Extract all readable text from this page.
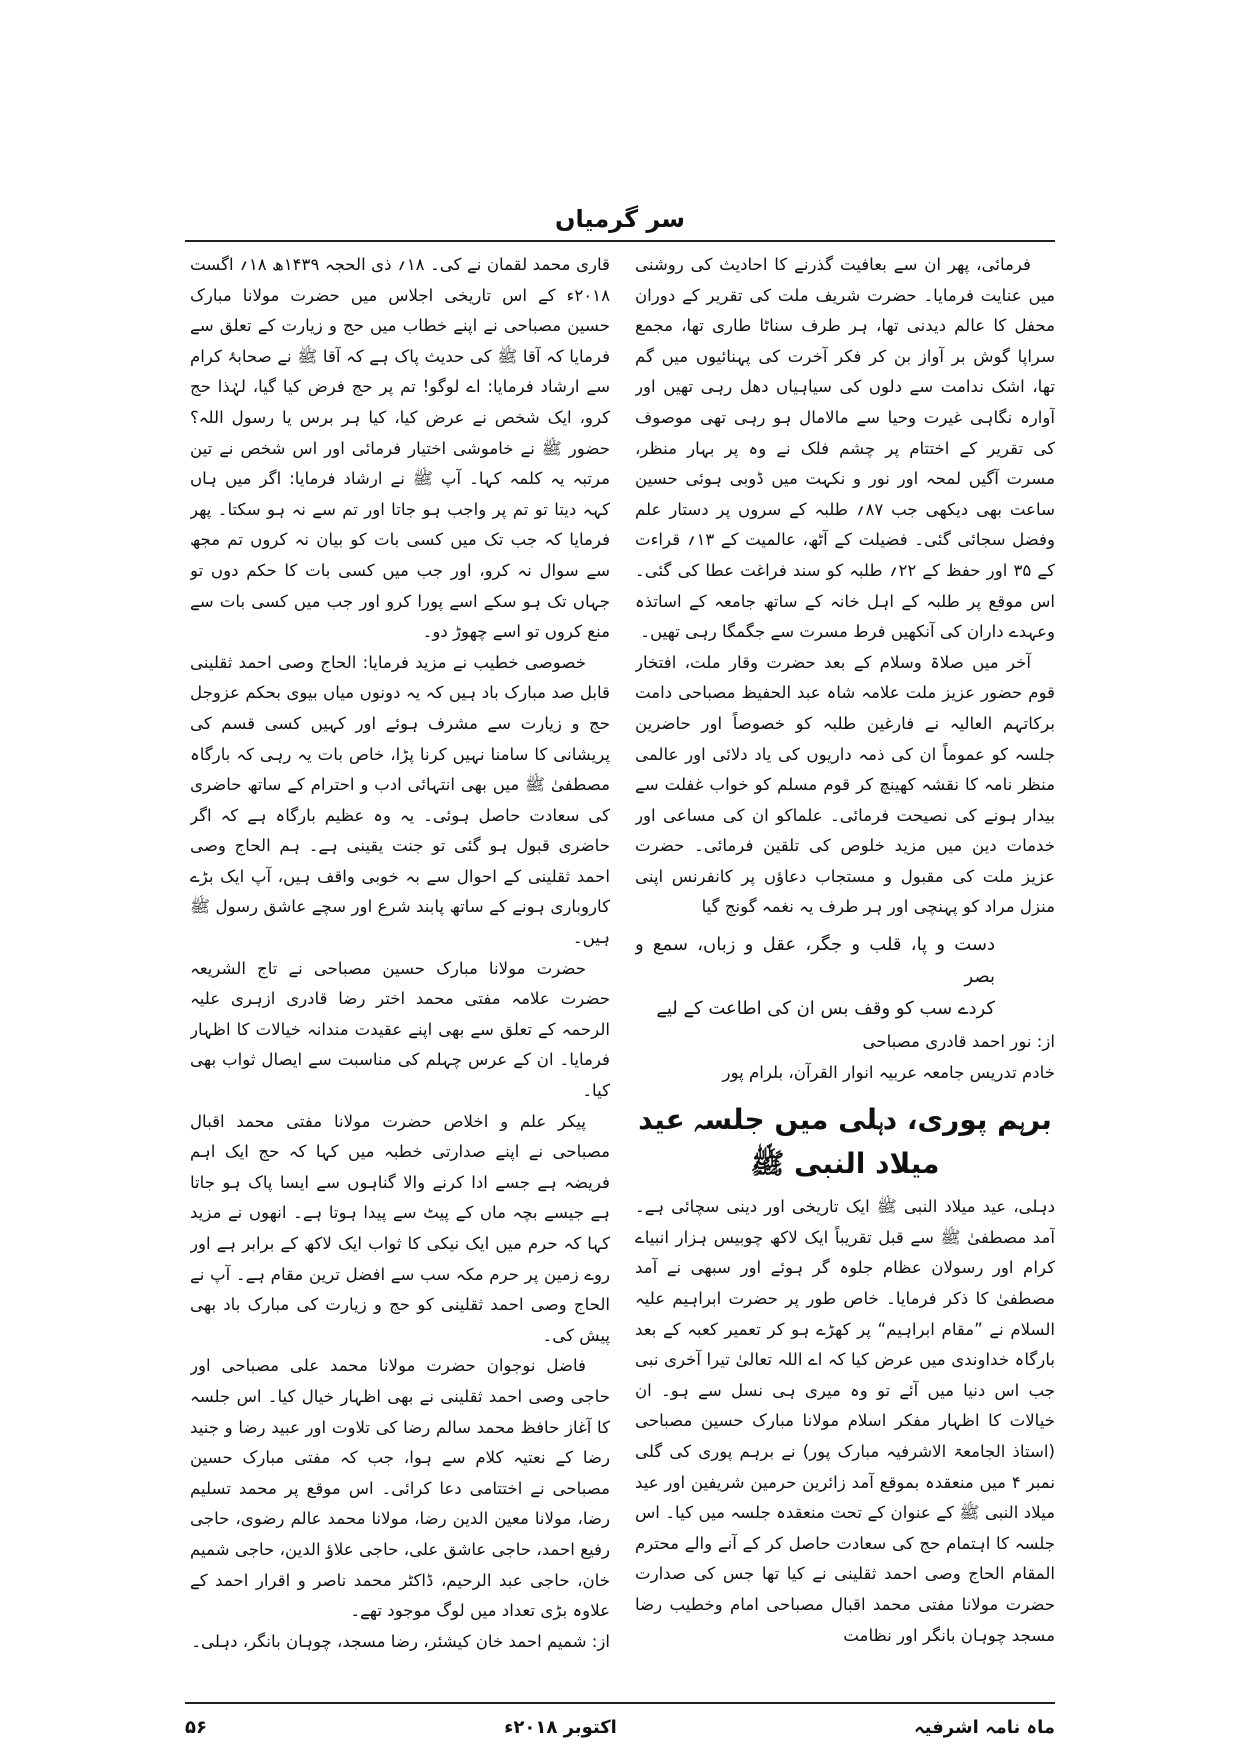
سر گرمیاں

فرمائی، پھر ان سے بعافیت گذرنے کا احادیث کی روشنی میں عنایت فرمایا۔ حضرت شریف ملت کی تقریر کے دوران محفل کا عالم دیدنی تھا، ہر طرف سناٹا طاری تھا، مجمع سراپا گوش بر آواز بن کر فکر آخرت کی پہنائیوں میں گم تھا، اشک ندامت سے دلوں کی سیاہیاں دھل رہی تھیں اور آوارہ نگاہی غیرت وحیا سے مالامال ہو رہی تھی موصوف کی تقریر کے اختتام پر چشم فلک نے وہ پر بہار منظر، مسرت آگیں لمحہ اور نور و نکہت میں ڈوبی ہوئی حسین ساعت بھی دیکھی جب ۸۷؍ طلبہ کے سروں پر دستار علم وفضل سجائی گئی۔ فضیلت کے آٹھ، عالمیت کے ۱۳؍ قراءت کے ۳۵ اور حفظ کے ۲۲؍ طلبہ کو سند فراغت عطا کی گئی۔ اس موقع پر طلبہ کے اہل خانہ کے ساتھ جامعہ کے اساتذہ وعہدے داران کی آنکھیں فرط مسرت سے جگمگا رہی تھیں۔

آخر میں صلاۃ وسلام کے بعد حضرت وقار ملت، افتخار قوم حضور عزیز ملت علامہ شاہ عبد الحفیظ مصباحی دامت برکاتہم العالیہ نے فارغین طلبہ کو خصوصاً اور حاضرین جلسہ کو عموماً ان کی ذمہ داریوں کی یاد دلائی اور عالمی منظر نامہ کا نقشہ کھینچ کر قوم مسلم کو خواب غفلت سے بیدار ہونے کی نصیحت فرمائی۔ علماکو ان کی مساعی اور خدمات دین میں مزید خلوص کی تلقین فرمائی۔ حضرت عزیز ملت کی مقبول و مستجاب دعاؤں پر کانفرنس اپنی منزل مراد کو پہنچی اور ہر طرف یہ نغمہ گونج گیا

دست و پا، قلب و جگر، عقل و زباں، سمع و بصر
کردے سب کو وقف بس ان کی اطاعت کے لیے

از: نور احمد قادری مصباحی

خادم تدریس جامعہ عربیہ انوار القرآن، بلرام پور

برہم پوری، دہلی میں جلسہ عید میلاد النبی ﷺ

دہلی، عید میلاد النبی ﷺ ایک تاریخی اور دینی سچائی ہے۔ آمد مصطفیٰ ﷺ سے قبل تقریباً ایک لاکھ چوبیس ہزار انبیاے کرام اور رسولان عظام جلوہ گر ہوئے اور سبھی نے آمد مصطفیٰ کا ذکر فرمایا۔ خاص طور پر حضرت ابراہیم علیہ السلام نے ”مقام ابراہیم“ پر کھڑے ہو کر تعمیر کعبہ کے بعد بارگاہ خداوندی میں عرض کیا کہ اے اللہ تعالیٰ تیرا آخری نبی جب اس دنیا میں آئے تو وہ میری ہی نسل سے ہو۔ ان خیالات کا اظہار مفکر اسلام مولانا مبارک حسین مصباحی (استاذ الجامعۃ الاشرفیہ مبارک پور) نے برہم پوری کی گلی نمبر ۴ میں منعقدہ بموقع آمد زائرین حرمین شریفین اور عید میلاد النبی ﷺ کے عنوان کے تحت منعقدہ جلسہ میں کیا۔ اس جلسہ کا اہتمام حج کی سعادت حاصل کر کے آنے والے محترم المقام الحاج وصی احمد ثقلینی نے کیا تھا جس کی صدارت حضرت مولانا مفتی محمد اقبال مصباحی امام وخطیب رضا مسجد چوہان بانگر اور نظامت

قاری محمد لقمان نے کی۔ ۱۸؍ ذی الحجہ ۱۴۳۹ھ ۱۸؍ اگست ۲۰۱۸ء کے اس تاریخی اجلاس میں حضرت مولانا مبارک حسین مصباحی نے اپنے خطاب میں حج و زیارت کے تعلق سے فرمایا کہ آقا ﷺ کی حدیث پاک ہے کہ آقا ﷺ نے صحابۂ کرام سے ارشاد فرمایا: اے لوگو! تم پر حج فرض کیا گیا، لہٰذا حج کرو، ایک شخص نے عرض کیا، کیا ہر برس یا رسول اللہ؟ حضور ﷺ نے خاموشی اختیار فرمائی اور اس شخص نے تین مرتبہ یہ کلمہ کہا۔ آپ ﷺ نے ارشاد فرمایا: اگر میں ہاں کہہ دیتا تو تم پر واجب ہو جاتا اور تم سے نہ ہو سکتا۔ پھر فرمایا کہ جب تک میں کسی بات کو بیان نہ کروں تم مجھ سے سوال نہ کرو، اور جب میں کسی بات کا حکم دوں تو جہاں تک ہو سکے اسے پورا کرو اور جب میں کسی بات سے منع کروں تو اسے چھوڑ دو۔

خصوصی خطیب نے مزید فرمایا: الحاج وصی احمد ثقلینی قابل صد مبارک باد ہیں کہ یہ دونوں میاں بیوی بحکم عزوجل حج و زیارت سے مشرف ہوئے اور کہیں کسی قسم کی پریشانی کا سامنا نہیں کرنا پڑا، خاص بات یہ رہی کہ بارگاہ مصطفیٰ ﷺ میں بھی انتہائی ادب و احترام کے ساتھ حاضری کی سعادت حاصل ہوئی۔ یہ وہ عظیم بارگاہ ہے کہ اگر حاضری قبول ہو گئی تو جنت یقینی ہے۔ ہم الحاج وصی احمد ثقلینی کے احوال سے بہ خوبی واقف ہیں، آپ ایک بڑے کاروباری ہونے کے ساتھ پابند شرع اور سچے عاشق رسول ﷺ ہیں۔

حضرت مولانا مبارک حسین مصباحی نے تاج الشریعہ حضرت علامہ مفتی محمد اختر رضا قادری ازہری علیہ الرحمہ کے تعلق سے بھی اپنے عقیدت مندانہ خیالات کا اظہار فرمایا۔ ان کے عرس چہلم کی مناسبت سے ایصال ثواب بھی کیا۔

پیکر علم و اخلاص حضرت مولانا مفتی محمد اقبال مصباحی نے اپنے صدارتی خطبہ میں کہا کہ حج ایک اہم فریضہ ہے جسے ادا کرنے والا گناہوں سے ایسا پاک ہو جاتا ہے جیسے بچہ ماں کے پیٹ سے پیدا ہوتا ہے۔ انھوں نے مزید کہا کہ حرم میں ایک نیکی کا ثواب ایک لاکھ کے برابر ہے اور روے زمین پر حرم مکہ سب سے افضل ترین مقام ہے۔ آپ نے الحاج وصی احمد ثقلینی کو حج و زیارت کی مبارک باد بھی پیش کی۔

فاضل نوجوان حضرت مولانا محمد علی مصباحی اور حاجی وصی احمد ثقلینی نے بھی اظہار خیال کیا۔ اس جلسہ کا آغاز حافظ محمد سالم رضا کی تلاوت اور عبید رضا و جنید رضا کے نعتیہ کلام سے ہوا، جب کہ مفتی مبارک حسین مصباحی نے اختتامی دعا کرائی۔ اس موقع پر محمد تسلیم رضا، مولانا معین الدین رضا، مولانا محمد عالم رضوی، حاجی رفیع احمد، حاجی عاشق علی، حاجی علاؤ الدین، حاجی شمیم خان، حاجی عبد الرحیم، ڈاکٹر محمد ناصر و اقرار احمد کے علاوہ بڑی تعداد میں لوگ موجود تھے۔

از: شمیم احمد خان کیشئر، رضا مسجد، چوہان بانگر، دہلی۔

ماہ نامہ اشرفیہ
اکتوبر ۲۰۱۸ء
۵۶
